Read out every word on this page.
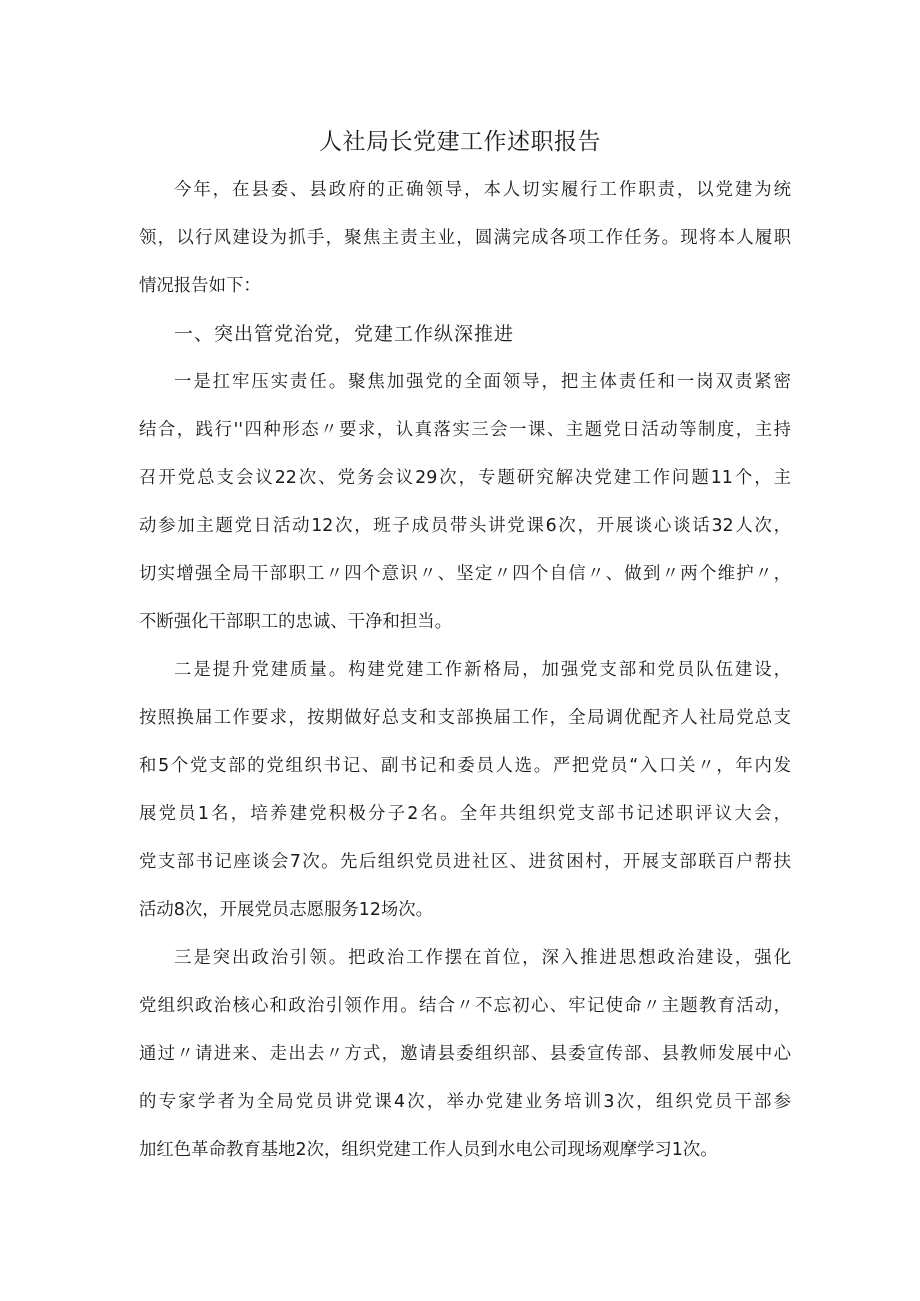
人社局长党建工作述职报告

今年，在县委、县政府的正确领导，本人切实履行工作职责，以党建为统

领，以行风建设为抓手，聚焦主责主业，圆满完成各项工作任务。现将本人履职

情况报告如下：

一、突出管党治党，党建工作纵深推进

一是扛牢压实责任。聚焦加强党的全面领导，把主体责任和一岗双责紧密

结合，践行''四种形态〃要求，认真落实三会一课、主题党日活动等制度，主持

召开党总支会议22次、党务会议29次，专题研究解决党建工作问题11个，主

动参加主题党日活动12次，班子成员带头讲党课6次，开展谈心谈话32人次，

切实增强全局干部职工〃四个意识〃、坚定〃四个自信〃、做到〃两个维护〃，

不断强化干部职工的忠诚、干净和担当。

二是提升党建质量。构建党建工作新格局，加强党支部和党员队伍建设，

按照换届工作要求，按期做好总支和支部换届工作，全局调优配齐人社局党总支

和5个党支部的党组织书记、副书记和委员人选。严把党员“入口关〃，年内发

展党员1名，培养建党积极分子2名。全年共组织党支部书记述职评议大会，

党支部书记座谈会7次。先后组织党员进社区、进贫困村，开展支部联百户帮扶

活动8次，开展党员志愿服务12场次。

三是突出政治引领。把政治工作摆在首位，深入推进思想政治建设，强化

党组织政治核心和政治引领作用。结合〃不忘初心、牢记使命〃主题教育活动，

通过〃请进来、走出去〃方式，邀请县委组织部、县委宣传部、县教师发展中心

的专家学者为全局党员讲党课4次，举办党建业务培训3次，组织党员干部参

加红色革命教育基地2次，组织党建工作人员到水电公司现场观摩学习1次。
